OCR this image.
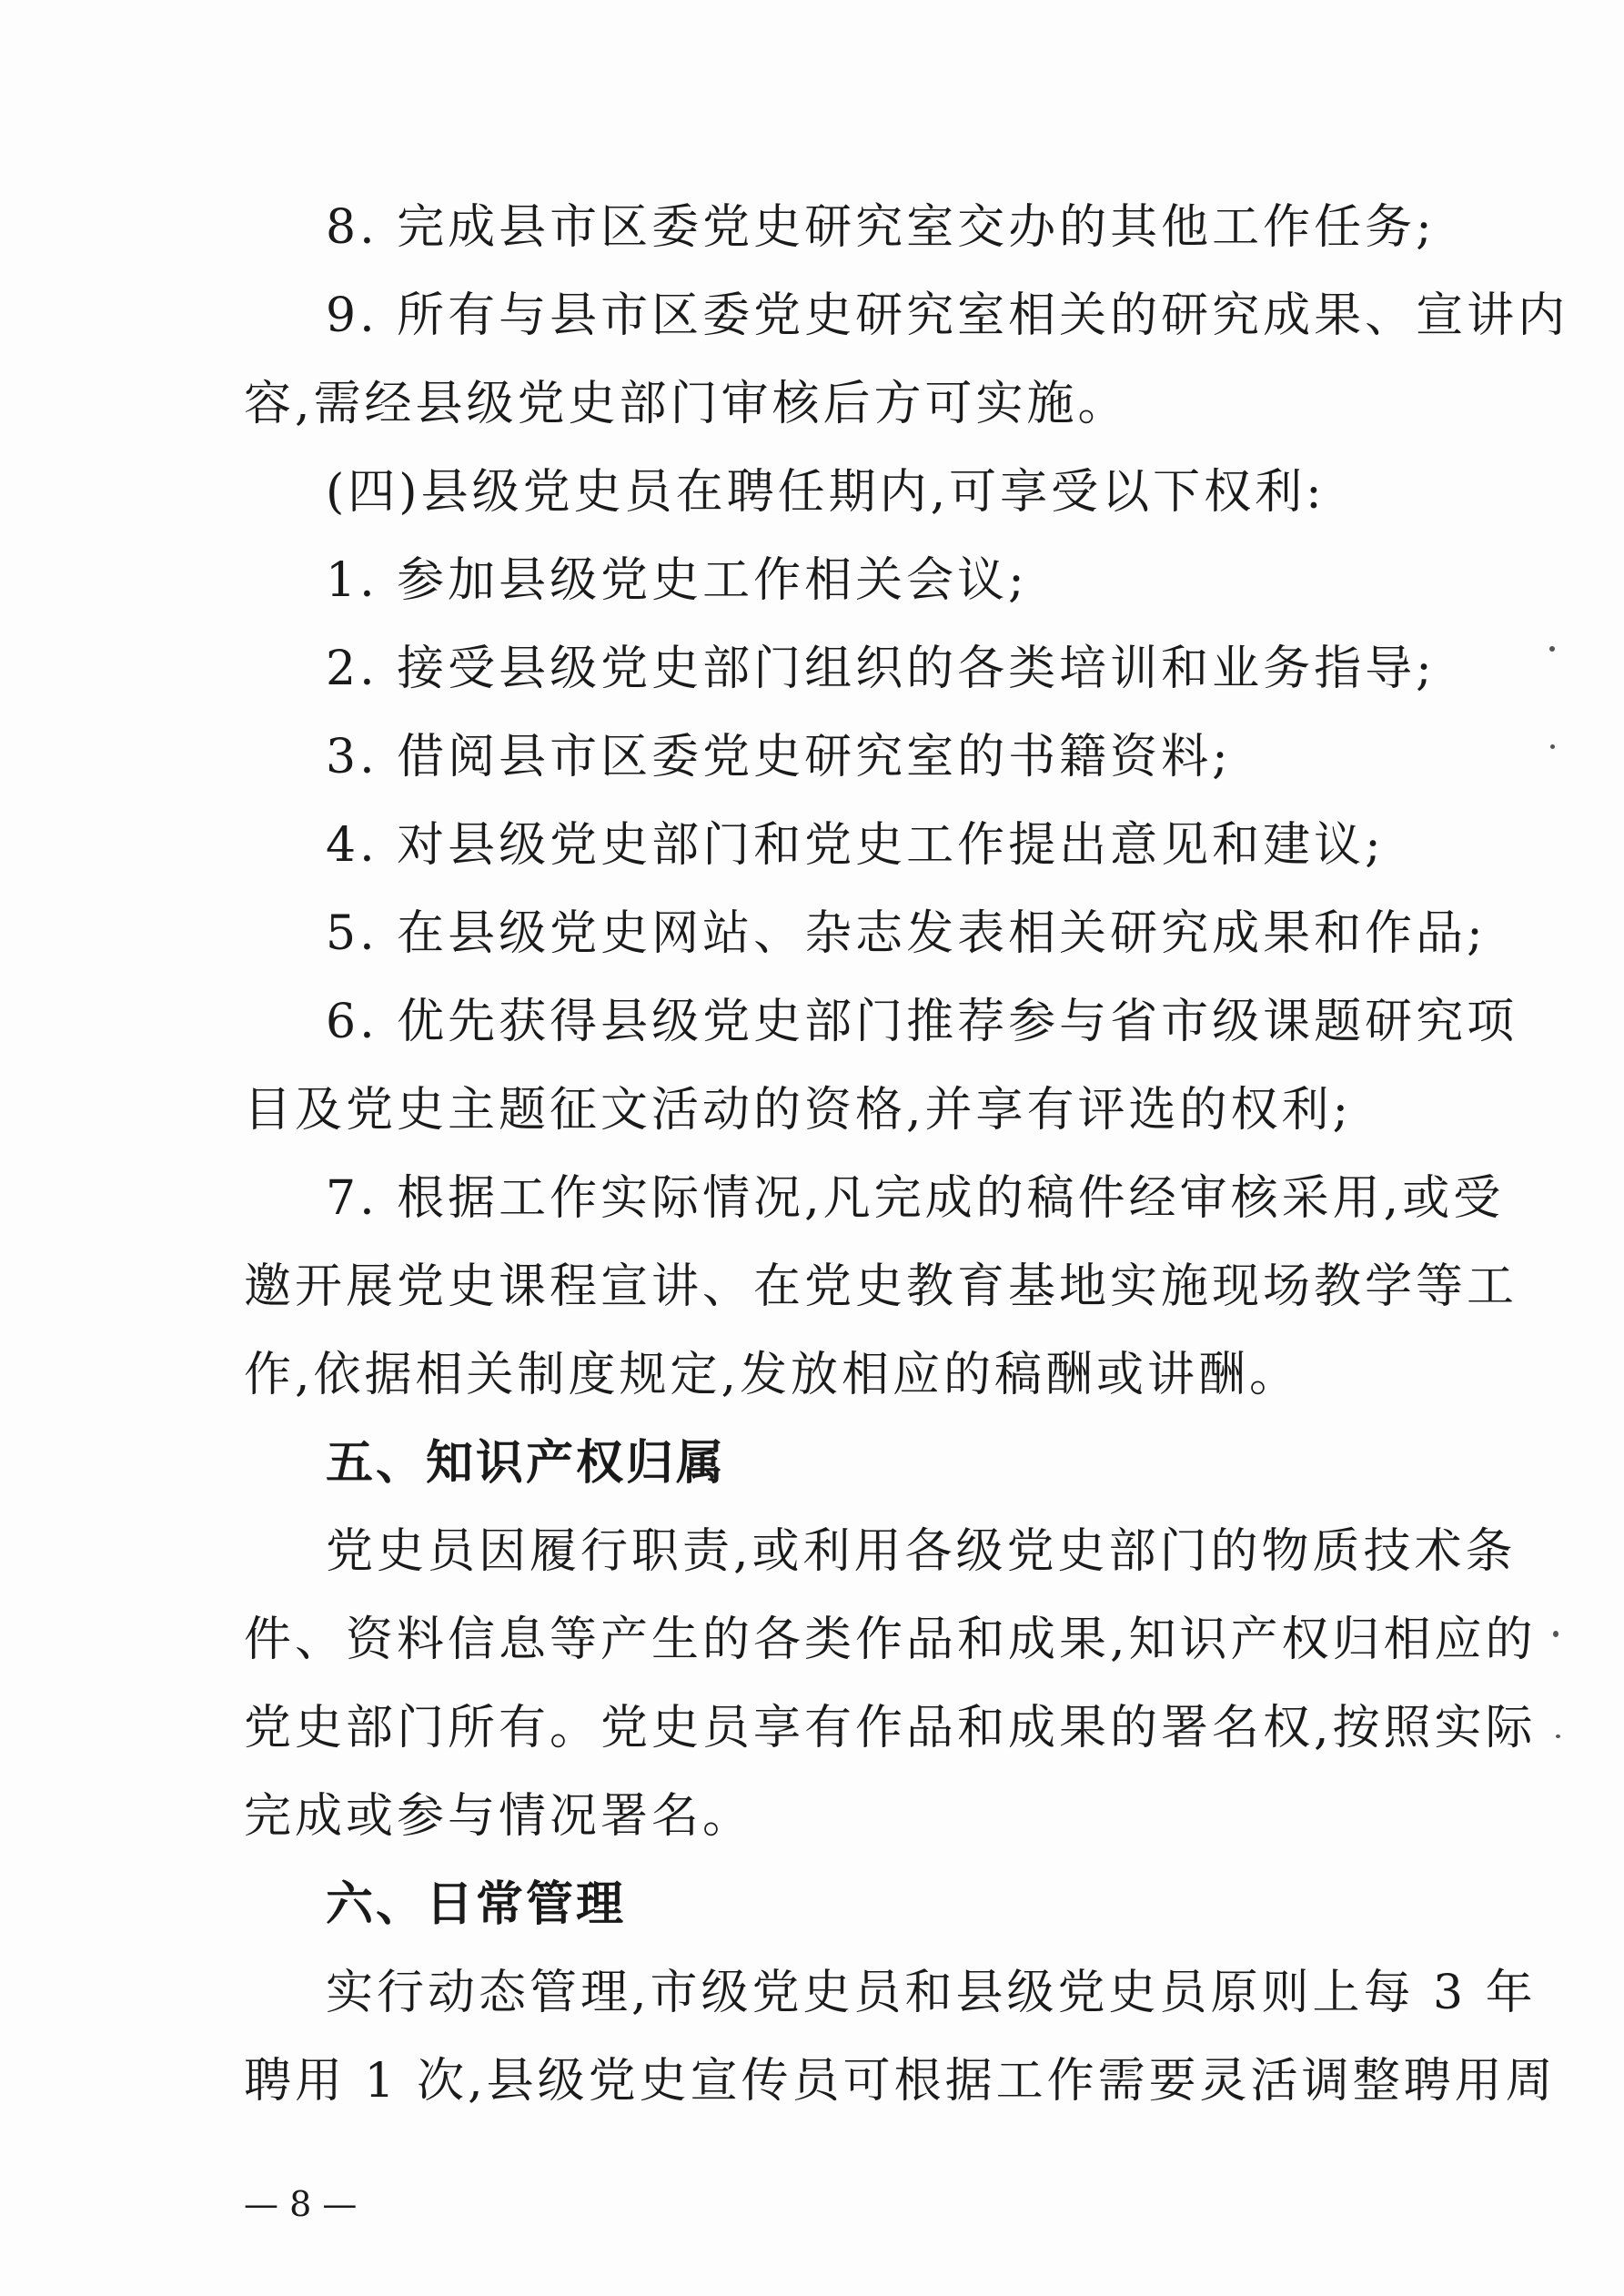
8. 完成县市区委党史研究室交办的其他工作任务;
9. 所有与县市区委党史研究室相关的研究成果、宣讲内
容,需经县级党史部门审核后方可实施。
(四)县级党史员在聘任期内,可享受以下权利:
1. 参加县级党史工作相关会议;
2. 接受县级党史部门组织的各类培训和业务指导;
3. 借阅县市区委党史研究室的书籍资料;
4. 对县级党史部门和党史工作提出意见和建议;
5. 在县级党史网站、杂志发表相关研究成果和作品;
6. 优先获得县级党史部门推荐参与省市级课题研究项
目及党史主题征文活动的资格,并享有评选的权利;
7. 根据工作实际情况,凡完成的稿件经审核采用,或受
邀开展党史课程宣讲、在党史教育基地实施现场教学等工
作,依据相关制度规定,发放相应的稿酬或讲酬。
五、知识产权归属
党史员因履行职责,或利用各级党史部门的物质技术条
件、资料信息等产生的各类作品和成果,知识产权归相应的
党史部门所有。党史员享有作品和成果的署名权,按照实际
完成或参与情况署名。
六、日常管理
实行动态管理,市级党史员和县级党史员原则上每 3 年
聘用 1 次,县级党史宣传员可根据工作需要灵活调整聘用周
— 8 —
